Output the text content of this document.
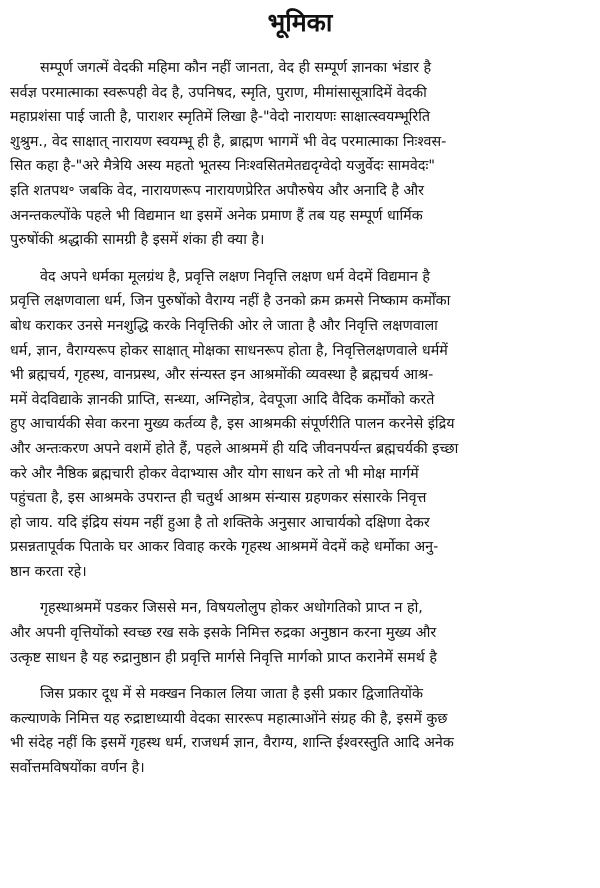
भूमिका
सम्पूर्ण जगत्में वेदकी महिमा कौन नहीं जानता, वेद ही सम्पूर्ण ज्ञानका भंडार है
सर्वज्ञ परमात्माका स्वरूपही वेद है, उपनिषद, स्मृति, पुराण, मीमांसासूत्रादिमें वेदकी
महाप्रशंसा पाई जाती है, पाराशर स्मृतिमें लिखा है-"वेदो नारायणः साक्षात्स्वयम्भूरिति
शुश्रुम., वेद साक्षात् नारायण स्वयम्भू ही है, ब्राह्मण भागमें भी वेद परमात्माका निःश्वस-
सित कहा है-"अरे मैत्रेयि अस्य महतो भूतस्य निःश्वसितमेतद्यदृग्वेदो यजुर्वेदः सामवेदः"
इति शतपथ॰ जबकि वेद, नारायणरूप नारायणप्रेरित अपौरुषेय और अनादि है और
अनन्तकल्पोंके पहले भी विद्यमान था इसमें अनेक प्रमाण हैं तब यह सम्पूर्ण धार्मिक
पुरुषोंकी श्रद्धाकी सामग्री है इसमें शंका ही क्या है।
वेद अपने धर्मका मूलग्रंथ है, प्रवृत्ति लक्षण निवृत्ति लक्षण धर्म वेदमें विद्यमान है
प्रवृत्ति लक्षणवाला धर्म, जिन पुरुषोंको वैराग्य नहीं है उनको क्रम क्रमसे निष्काम कर्मोंका
बोध कराकर उनसे मनशुद्धि करके निवृत्तिकी ओर ले जाता है और निवृत्ति लक्षणवाला
धर्म, ज्ञान, वैराग्यरूप होकर साक्षात् मोक्षका साधनरूप होता है, निवृत्तिलक्षणवाले धर्ममें
भी ब्रह्मचर्य, गृहस्थ, वानप्रस्थ, और संन्यस्त इन आश्रमोंकी व्यवस्था है ब्रह्मचर्य आश्र-
ममें वेदविद्याके ज्ञानकी प्राप्ति, सन्ध्या, अग्निहोत्र, देवपूजा आदि वैदिक कर्मोंको करते
हुए आचार्यकी सेवा करना मुख्य कर्तव्य है, इस आश्रमकी संपूर्णरीति पालन करनेसे इंद्रिय
और अन्तःकरण अपने वशमें होते हैं, पहले आश्रममें ही यदि जीवनपर्यन्त ब्रह्मचर्यकी इच्छा
करे और नैष्ठिक ब्रह्मचारी होकर वेदाभ्यास और योग साधन करे तो भी मोक्ष मार्गमें
पहुंचता है, इस आश्रमके उपरान्त ही चतुर्थ आश्रम संन्यास ग्रहणकर संसारके निवृत्त
हो जाय. यदि इंद्रिय संयम नहीं हुआ है तो शक्तिके अनुसार आचार्यको दक्षिणा देकर
प्रसन्नतापूर्वक पिताके घर आकर विवाह करके गृहस्थ आश्रममें वेदमें कहे धर्मोका अनु-
ष्ठान करता रहे।
गृहस्थाश्रममें पडकर जिससे मन, विषयलोलुप होकर अधोगतिको प्राप्त न हो,
और अपनी वृत्तियोंको स्वच्छ रख सके इसके निमित्त रुद्रका अनुष्ठान करना मुख्य और
उत्कृष्ट साधन है यह रुद्रानुष्ठान ही प्रवृत्ति मार्गसे निवृत्ति मार्गको प्राप्त करानेमें समर्थ है
जिस प्रकार दूध में से मक्खन निकाल लिया जाता है इसी प्रकार द्विजातियोंके
कल्याणके निमित्त यह रुद्राष्टाध्यायी वेदका साररूप महात्माओंने संग्रह की है, इसमें कुछ
भी संदेह नहीं कि इसमें गृहस्थ धर्म, राजधर्म ज्ञान, वैराग्य, शान्ति ईश्वरस्तुति आदि अनेक
सर्वोत्तमविषयोंका वर्णन है।
